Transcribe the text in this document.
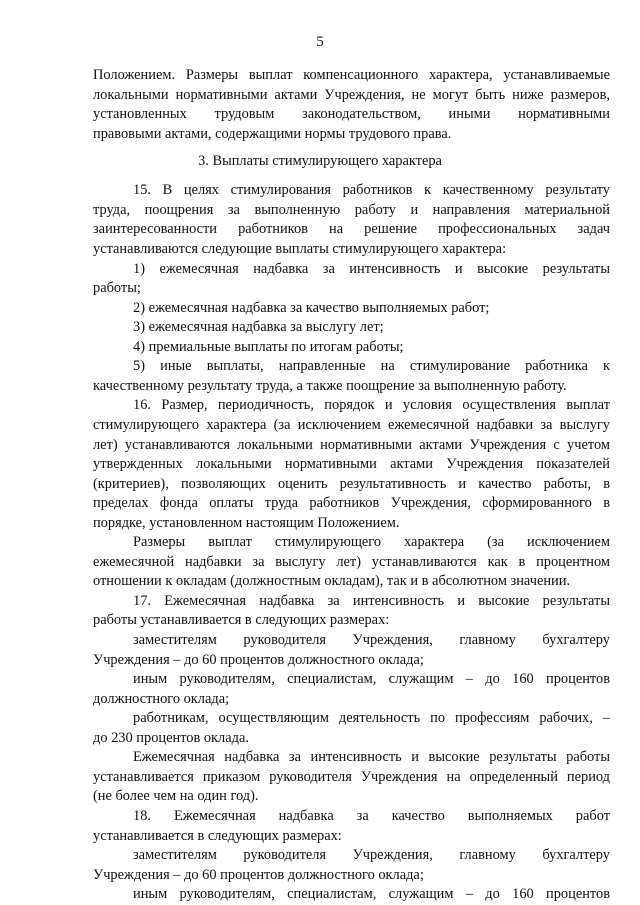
5
3. Выплаты стимулирующего характера
Положением. Размеры выплат компенсационного характера, устанавливаемые
локальными нормативными актами Учреждения, не могут быть ниже размеров,
установленных трудовым законодательством, иными нормативными
правовыми актами, содержащими нормы трудового права.
15. В целях стимулирования работников к качественному результату
труда, поощрения за выполненную работу и направления материальной
заинтересованности работников на решение профессиональных задач
устанавливаются следующие выплаты стимулирующего характера:
1) ежемесячная надбавка за интенсивность и высокие результаты
работы;
2) ежемесячная надбавка за качество выполняемых работ;
3) ежемесячная надбавка за выслугу лет;
4) премиальные выплаты по итогам работы;
5) иные выплаты, направленные на стимулирование работника к
качественному результату труда, а также поощрение за выполненную работу.
16. Размер, периодичность, порядок и условия осуществления выплат
стимулирующего характера (за исключением ежемесячной надбавки за выслугу
лет) устанавливаются локальными нормативными актами Учреждения с учетом
утвержденных локальными нормативными актами Учреждения показателей
(критериев), позволяющих оценить результативность и качество работы, в
пределах фонда оплаты труда работников Учреждения, сформированного в
порядке, установленном настоящим Положением.
Размеры выплат стимулирующего характера (за исключением
ежемесячной надбавки за выслугу лет) устанавливаются как в процентном
отношении к окладам (должностным окладам), так и в абсолютном значении.
17. Ежемесячная надбавка за интенсивность и высокие результаты
работы устанавливается в следующих размерах:
заместителям руководителя Учреждения, главному бухгалтеру
Учреждения – до 60 процентов должностного оклада;
иным руководителям, специалистам, служащим – до 160 процентов
должностного оклада;
работникам, осуществляющим деятельность по профессиям рабочих, –
до 230 процентов оклада.
Ежемесячная надбавка за интенсивность и высокие результаты работы
устанавливается приказом руководителя Учреждения на определенный период
(не более чем на один год).
18. Ежемесячная надбавка за качество выполняемых работ
устанавливается в следующих размерах:
заместителям руководителя Учреждения, главному бухгалтеру
Учреждения – до 60 процентов должностного оклада;
иным руководителям, специалистам, служащим – до 160 процентов
